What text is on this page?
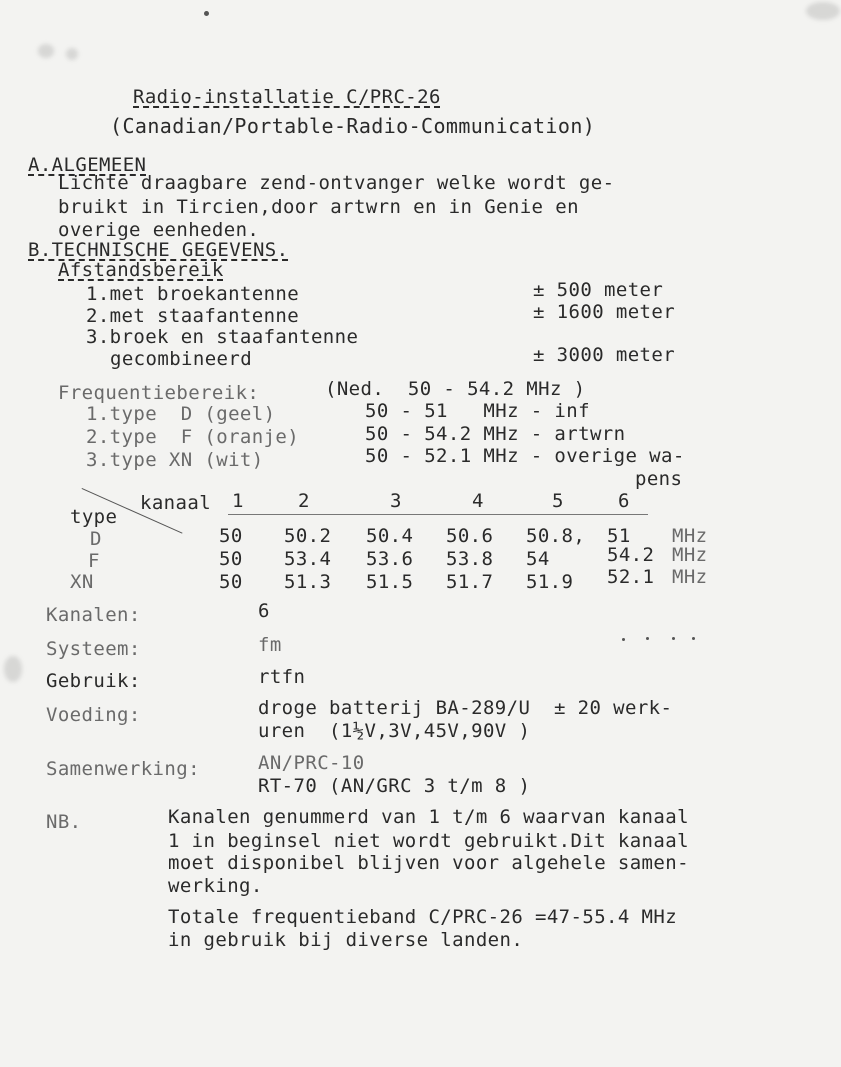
Radio-installatie C/PRC-26
(Canadian/Portable-Radio-Communication)
A.ALGEMEEN
Lichte draagbare zend-ontvanger welke wordt ge-
bruikt in Tircien,door artwrn en in Genie en
overige eenheden.
B.TECHNISCHE GEGEVENS.
Afstandsbereik
1.met broekantenne	± 500 meter
2.met staafantenne	± 1600 meter
3.broek en staafantenne
gecombineerd	± 3000 meter
Frequentiebereik:	(Ned.  50 - 54.2 MHz )
1.type  D (geel)	50 - 51   MHz - inf
2.type  F (oranje)	50 - 54.2 MHz - artwrn
3.type XN (wit)	50 - 52.1 MHz - overige wa-
pens
kanaal
type
1	2	3	4	5	6
D	50 50.2 50.4 50.6 50.8, 51 MHz
F	50 53.4 53.6 53.8 54	54.2 MHz
XN	50 51.3 51.5 51.7 51.9 52.1 MHz
Kanalen:	6
Systeem:	fm
Gebruik:	rtfn
Voeding:	droge batterij BA-289/U  ± 20 werk-
uren  (1½V,3V,45V,90V )
Samenwerking:	AN/PRC-10
RT-70 (AN/GRC 3 t/m 8 )
NB.	Kanalen genummerd van 1 t/m 6 waarvan kanaal
1 in beginsel niet wordt gebruikt.Dit kanaal
moet disponibel blijven voor algehele samen-
werking.
Totale frequentieband C/PRC-26 =47-55.4 MHz
in gebruik bij diverse landen.
